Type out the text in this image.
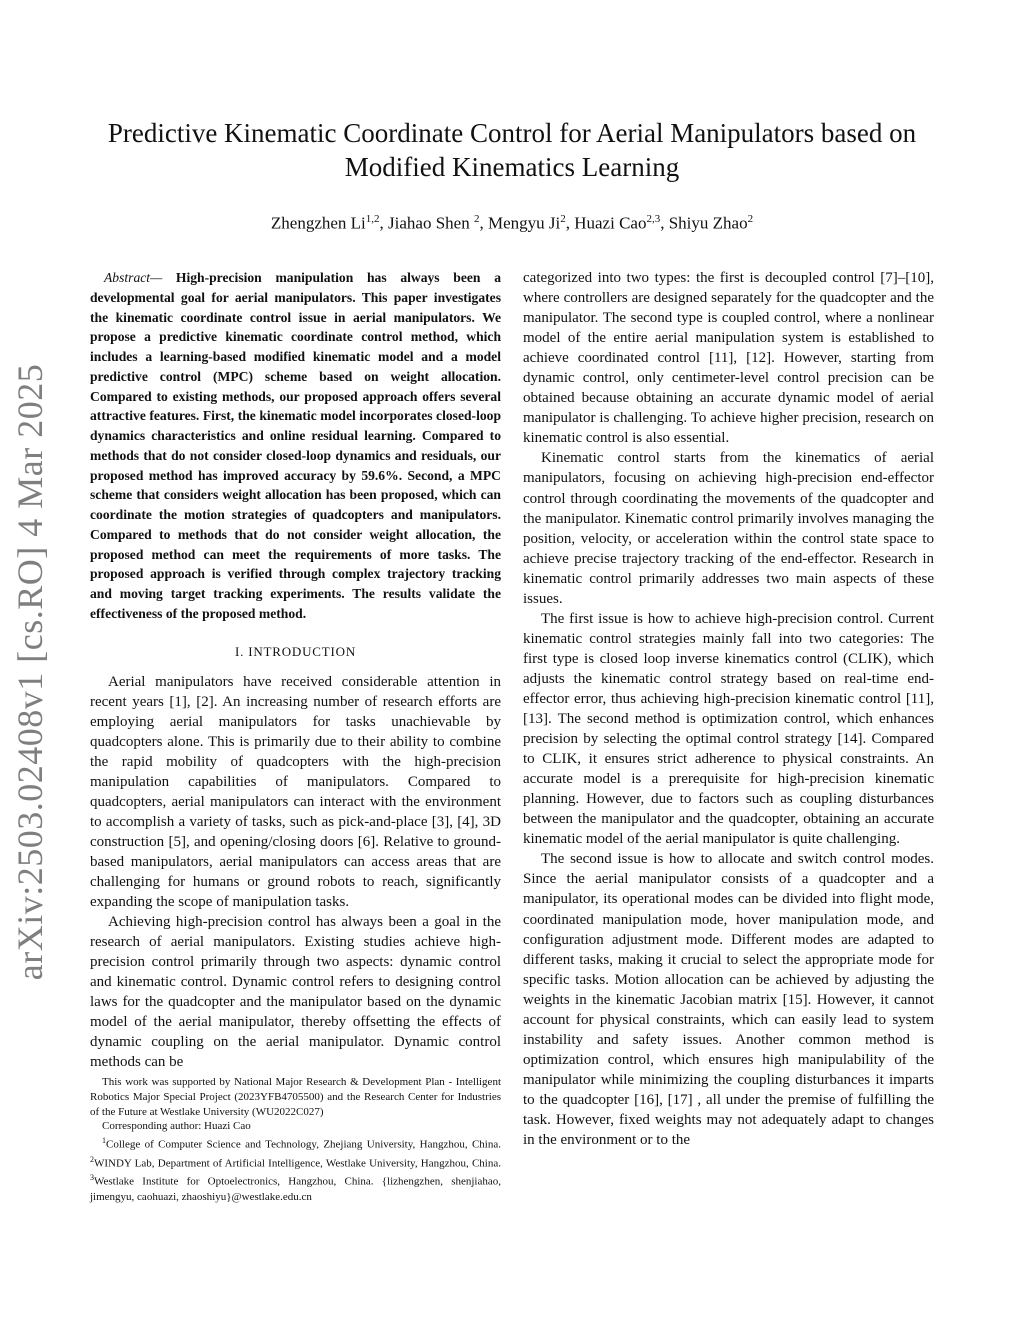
arXiv:2503.02408v1 [cs.RO] 4 Mar 2025
Predictive Kinematic Coordinate Control for Aerial Manipulators based on
Modified Kinematics Learning
Zhengzhen Li$^{1,2}$, Jiahao Shen $^2$, Mengyu Ji$^2$, Huazi Cao$^{2,3}$, Shiyu Zhao$^2$

Abstract— High-precision manipulation has always been a developmental goal for aerial manipulators. This paper investigates the kinematic coordinate control issue in aerial manipulators. We propose a predictive kinematic coordinate control method, which includes a learning-based modified kinematic model and a model predictive control (MPC) scheme based on weight allocation. Compared to existing methods, our proposed approach offers several attractive features. First, the kinematic model incorporates closed-loop dynamics characteristics and online residual learning. Compared to methods that do not consider closed-loop dynamics and residuals, our proposed method has improved accuracy by 59.6%. Second, a MPC scheme that considers weight allocation has been proposed, which can coordinate the motion strategies of quadcopters and manipulators. Compared to methods that do not consider weight allocation, the proposed method can meet the requirements of more tasks. The proposed approach is verified through complex trajectory tracking and moving target tracking experiments. The results validate the effectiveness of the proposed method.

I. INTRODUCTION

Aerial manipulators have received considerable attention in recent years [1], [2]. An increasing number of research efforts are employing aerial manipulators for tasks unachievable by quadcopters alone. This is primarily due to their ability to combine the rapid mobility of quadcopters with the high-precision manipulation capabilities of manipulators. Compared to quadcopters, aerial manipulators can interact with the environment to accomplish a variety of tasks, such as pick-and-place [3], [4], 3D construction [5], and opening/closing doors [6]. Relative to ground-based manipulators, aerial manipulators can access areas that are challenging for humans or ground robots to reach, significantly expanding the scope of manipulation tasks.

Achieving high-precision control has always been a goal in the research of aerial manipulators. Existing studies achieve high-precision control primarily through two aspects: dynamic control and kinematic control. Dynamic control refers to designing control laws for the quadcopter and the manipulator based on the dynamic model of the aerial manipulator, thereby offsetting the effects of dynamic coupling on the aerial manipulator. Dynamic control methods can be

This work was supported by National Major Research & Development Plan - Intelligent Robotics Major Special Project (2023YFB4705500) and the Research Center for Industries of the Future at Westlake University (WU2022C027)

Corresponding author: Huazi Cao

$^1$College of Computer Science and Technology, Zhejiang University, Hangzhou, China. $^2$WINDY Lab, Department of Artificial Intelligence, Westlake University, Hangzhou, China. $^3$Westlake Institute for Optoelectronics, Hangzhou, China. {lizhengzhen, shenjiahao, jimengyu, caohuazi, zhaoshiyu}@westlake.edu.cn

categorized into two types: the first is decoupled control [7]–[10], where controllers are designed separately for the quadcopter and the manipulator. The second type is coupled control, where a nonlinear model of the entire aerial manipulation system is established to achieve coordinated control [11], [12]. However, starting from dynamic control, only centimeter-level control precision can be obtained because obtaining an accurate dynamic model of aerial manipulator is challenging. To achieve higher precision, research on kinematic control is also essential.

Kinematic control starts from the kinematics of aerial manipulators, focusing on achieving high-precision end-effector control through coordinating the movements of the quadcopter and the manipulator. Kinematic control primarily involves managing the position, velocity, or acceleration within the control state space to achieve precise trajectory tracking of the end-effector. Research in kinematic control primarily addresses two main aspects of these issues.

The first issue is how to achieve high-precision control. Current kinematic control strategies mainly fall into two categories: The first type is closed loop inverse kinematics control (CLIK), which adjusts the kinematic control strategy based on real-time end-effector error, thus achieving high-precision kinematic control [11], [13]. The second method is optimization control, which enhances precision by selecting the optimal control strategy [14]. Compared to CLIK, it ensures strict adherence to physical constraints. An accurate model is a prerequisite for high-precision kinematic planning. However, due to factors such as coupling disturbances between the manipulator and the quadcopter, obtaining an accurate kinematic model of the aerial manipulator is quite challenging.

The second issue is how to allocate and switch control modes. Since the aerial manipulator consists of a quadcopter and a manipulator, its operational modes can be divided into flight mode, coordinated manipulation mode, hover manipulation mode, and configuration adjustment mode. Different modes are adapted to different tasks, making it crucial to select the appropriate mode for specific tasks. Motion allocation can be achieved by adjusting the weights in the kinematic Jacobian matrix [15]. However, it cannot account for physical constraints, which can easily lead to system instability and safety issues. Another common method is optimization control, which ensures high manipulability of the manipulator while minimizing the coupling disturbances it imparts to the quadcopter [16], [17] , all under the premise of fulfilling the task. However, fixed weights may not adequately adapt to changes in the environment or to the
